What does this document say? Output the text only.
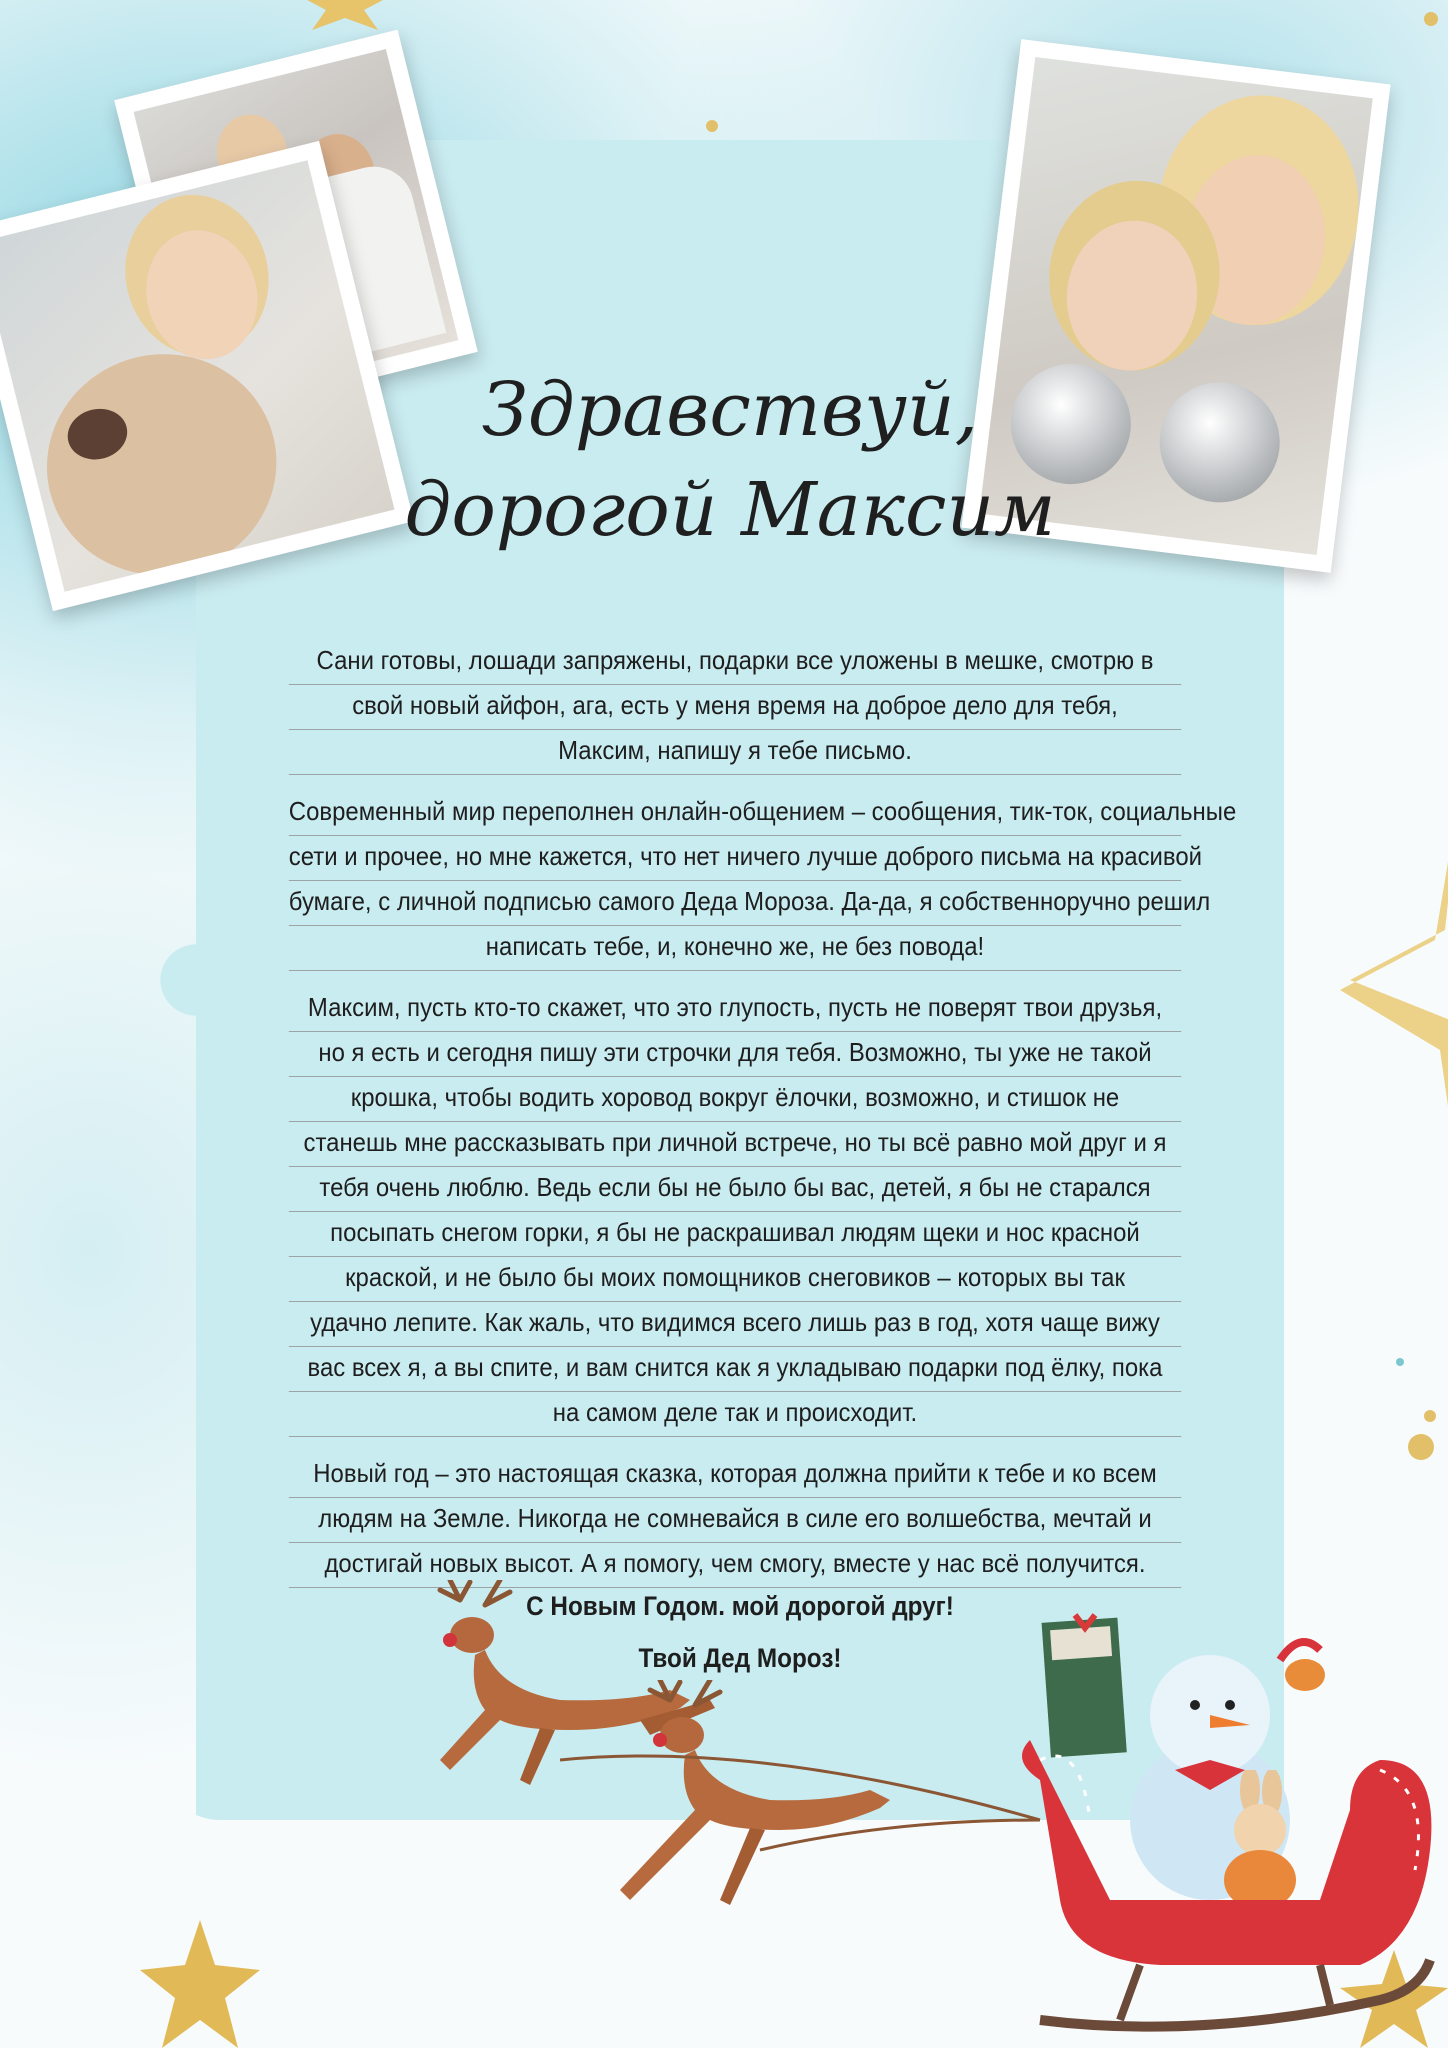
Здравствуй,
дорогой Максим
Сани готовы, лошади запряжены, подарки все уложены в мешке, смотрю в
свой новый айфон, ага, есть у меня время на доброе дело для тебя,
Максим, напишу я тебе письмо.
Современный мир переполнен онлайн-общением – сообщения, тик-ток, социальные
сети и прочее, но мне кажется, что нет ничего лучше доброго письма на красивой
бумаге, с личной подписью самого Деда Мороза. Да-да, я собственноручно решил
написать тебе, и, конечно же, не без повода!
Максим, пусть кто-то скажет, что это глупость, пусть не поверят твои друзья,
но я есть и сегодня пишу эти строчки для тебя. Возможно, ты уже не такой
крошка, чтобы водить хоровод вокруг ёлочки, возможно, и стишок не
станешь мне рассказывать при личной встрече, но ты всё равно мой друг и я
тебя очень люблю. Ведь если бы не было бы вас, детей, я бы не старался
посыпать снегом горки, я бы не раскрашивал людям щеки и нос красной
краской, и не было бы моих помощников снеговиков – которых вы так
удачно лепите. Как жаль, что видимся всего лишь раз в год, хотя чаще вижу
вас всех я, а вы спите, и вам снится как я укладываю подарки под ёлку, пока
на самом деле так и происходит.
Новый год – это настоящая сказка, которая должна прийти к тебе и ко всем
людям на Земле. Никогда не сомневайся в силе его волшебства, мечтай и
достигай новых высот. А я помогу, чем смогу, вместе у нас всё получится.
С Новым Годом. мой дорогой друг!
Твой Дед Мороз!
